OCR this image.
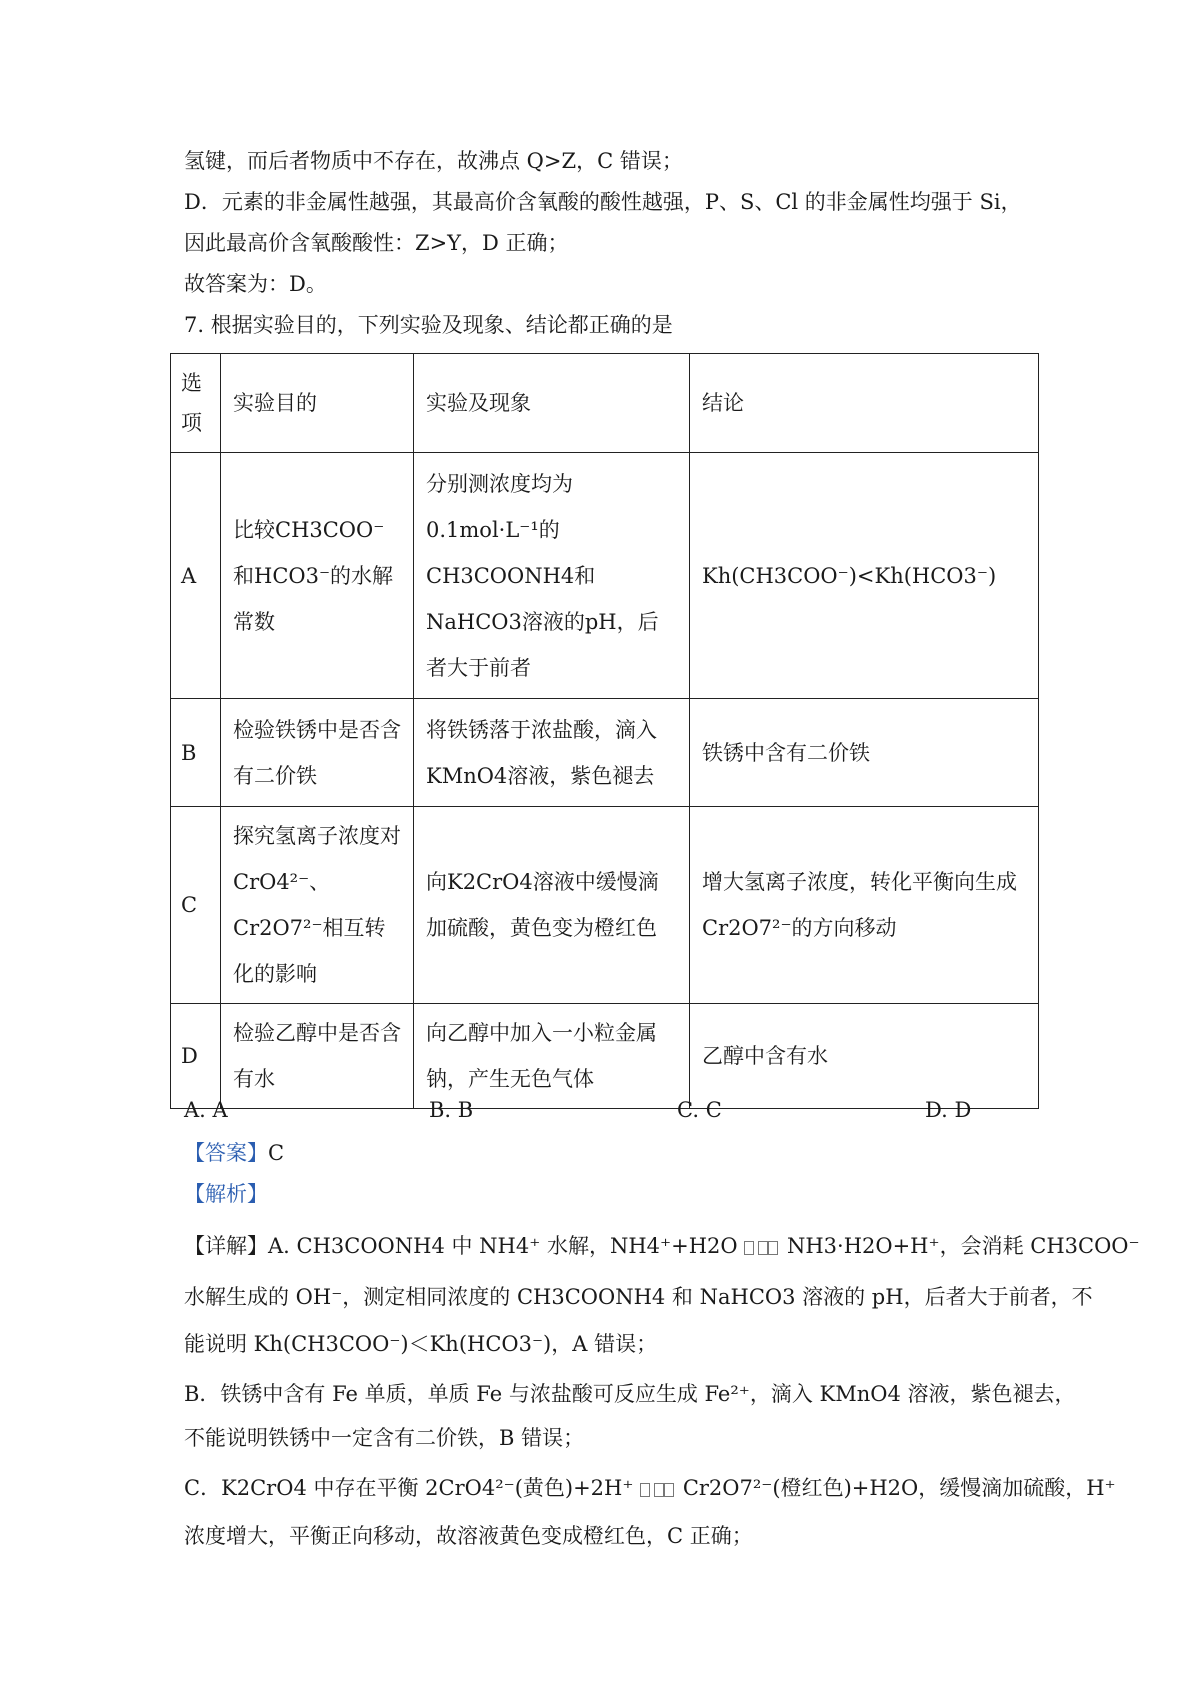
氢键，而后者物质中不存在，故沸点 Q>Z，C 错误；
D．元素的非金属性越强，其最高价含氧酸的酸性越强，P、S、Cl 的非金属性均强于 Si，
因此最高价含氧酸酸性：Z>Y，D 正确；
故答案为：D。
7. 根据实验目的，下列实验及现象、结论都正确的是
选
项	实验目的	实验及现象	结论
A	比较CH3COO⁻和HCO3⁻的水解常数	分别测浓度均为0.1mol·L⁻¹的CH3COONH4和NaHCO3溶液的pH，后者大于前者	Kh(CH3COO⁻)<Kh(HCO3⁻)
B	检验铁锈中是否含有二价铁	将铁锈落于浓盐酸，滴入KMnO4溶液，紫色褪去	铁锈中含有二价铁
C	探究氢离子浓度对CrO4²⁻、Cr2O7²⁻相互转化的影响	向K2CrO4溶液中缓慢滴加硫酸，黄色变为橙红色	增大氢离子浓度，转化平衡向生成Cr2O7²⁻的方向移动
D	检验乙醇中是否含有水	向乙醇中加入一小粒金属钠，产生无色气体	乙醇中含有水
A. A	B. B	C. C	D. D
【答案】C
【解析】
【详解】A. CH3COONH4 中 NH4⁺ 水解，NH4⁺+H2O NH3·H2O+H⁺，会消耗 CH3COO⁻
水解生成的 OH⁻，测定相同浓度的 CH3COONH4 和 NaHCO3 溶液的 pH，后者大于前者，不
能说明 Kh(CH3COO⁻)＜Kh(HCO3⁻)，A 错误；
B．铁锈中含有 Fe 单质，单质 Fe 与浓盐酸可反应生成 Fe²⁺，滴入 KMnO4 溶液，紫色褪去，
不能说明铁锈中一定含有二价铁，B 错误；
C．K2CrO4 中存在平衡 2CrO4²⁻(黄色)+2H⁺ Cr2O7²⁻(橙红色)+H2O，缓慢滴加硫酸，H⁺
浓度增大，平衡正向移动，故溶液黄色变成橙红色，C 正确；
